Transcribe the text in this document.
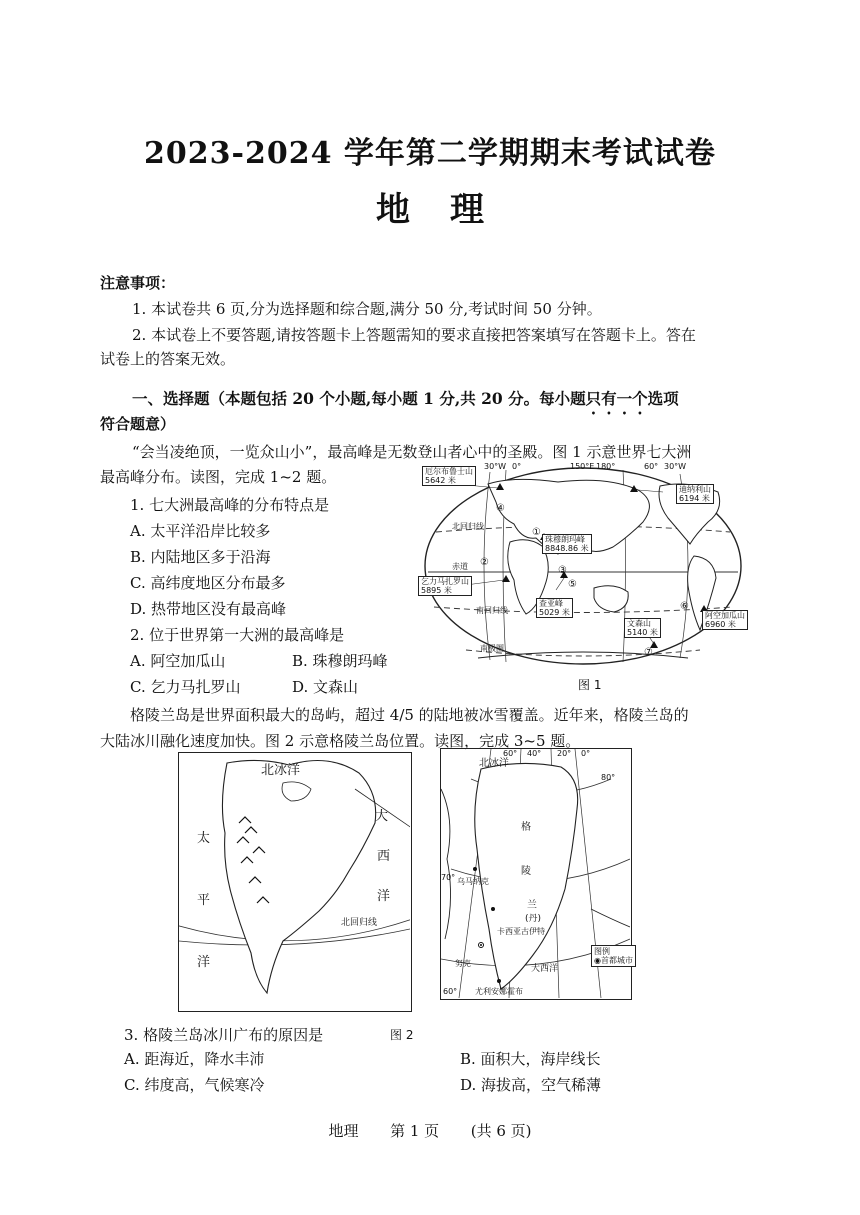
2023-2024 学年第二学期期末考试试卷
地理
注意事项：
1. 本试卷共 6 页,分为选择题和综合题,满分 50 分,考试时间 50 分钟。
2. 本试卷上不要答题,请按答题卡上答题需知的要求直接把答案填写在答题卡上。答在
试卷上的答案无效。
一、选择题（本题包括 20 个小题,每小题 1 分,共 20 分。每小题只有一个选项
符合题意）
“会当凌绝顶，一览众山小”，最高峰是无数登山者心中的圣殿。图 1 示意世界七大洲
最高峰分布。读图，完成 1~2 题。
1. 七大洲最高峰的分布特点是
A. 太平洋沿岸比较多
B. 内陆地区多于沿海
C. 高纬度地区分布最多
D. 热带地区没有最高峰
2. 位于世界第一大洲的最高峰是
A. 阿空加瓜山	B. 珠穆朗玛峰
C. 乞力马扎罗山	D. 文森山
①
②
③
④
⑤
⑥
⑦
30°W 0°	150°E 180°	60° 30°W
北回归线
赤道
南回归线
南极圈
厄尔布鲁士山
5642 米
迪纳利山
6194 米
珠穆朗玛峰
8848.86 米
乞力马扎罗山
5895 米
查亚峰
5029 米	阿空加瓜山
6960 米
文森山
5140 米
图 1
格陵兰岛是世界面积最大的岛屿，超过 4/5 的陆地被冰雪覆盖。近年来，格陵兰岛的
大陆冰川融化速度加快。图 2 示意格陵兰岛位置。读图，完成 3~5 题。
北冰洋
太
平
洋
大
西
洋
北回归线
北冰洋
60° 40° 20° 0°
80°
70°
60°
格
陵
兰
(丹)
乌马纳克
卡西亚古伊特
努克
尤利安娜霍布
大西洋
图例
◉首都城市
图 2
3. 格陵兰岛冰川广布的原因是
A. 距海近，降水丰沛	B. 面积大，海岸线长
C. 纬度高，气候寒冷	D. 海拔高，空气稀薄
地理 第 1 页 (共 6 页)
